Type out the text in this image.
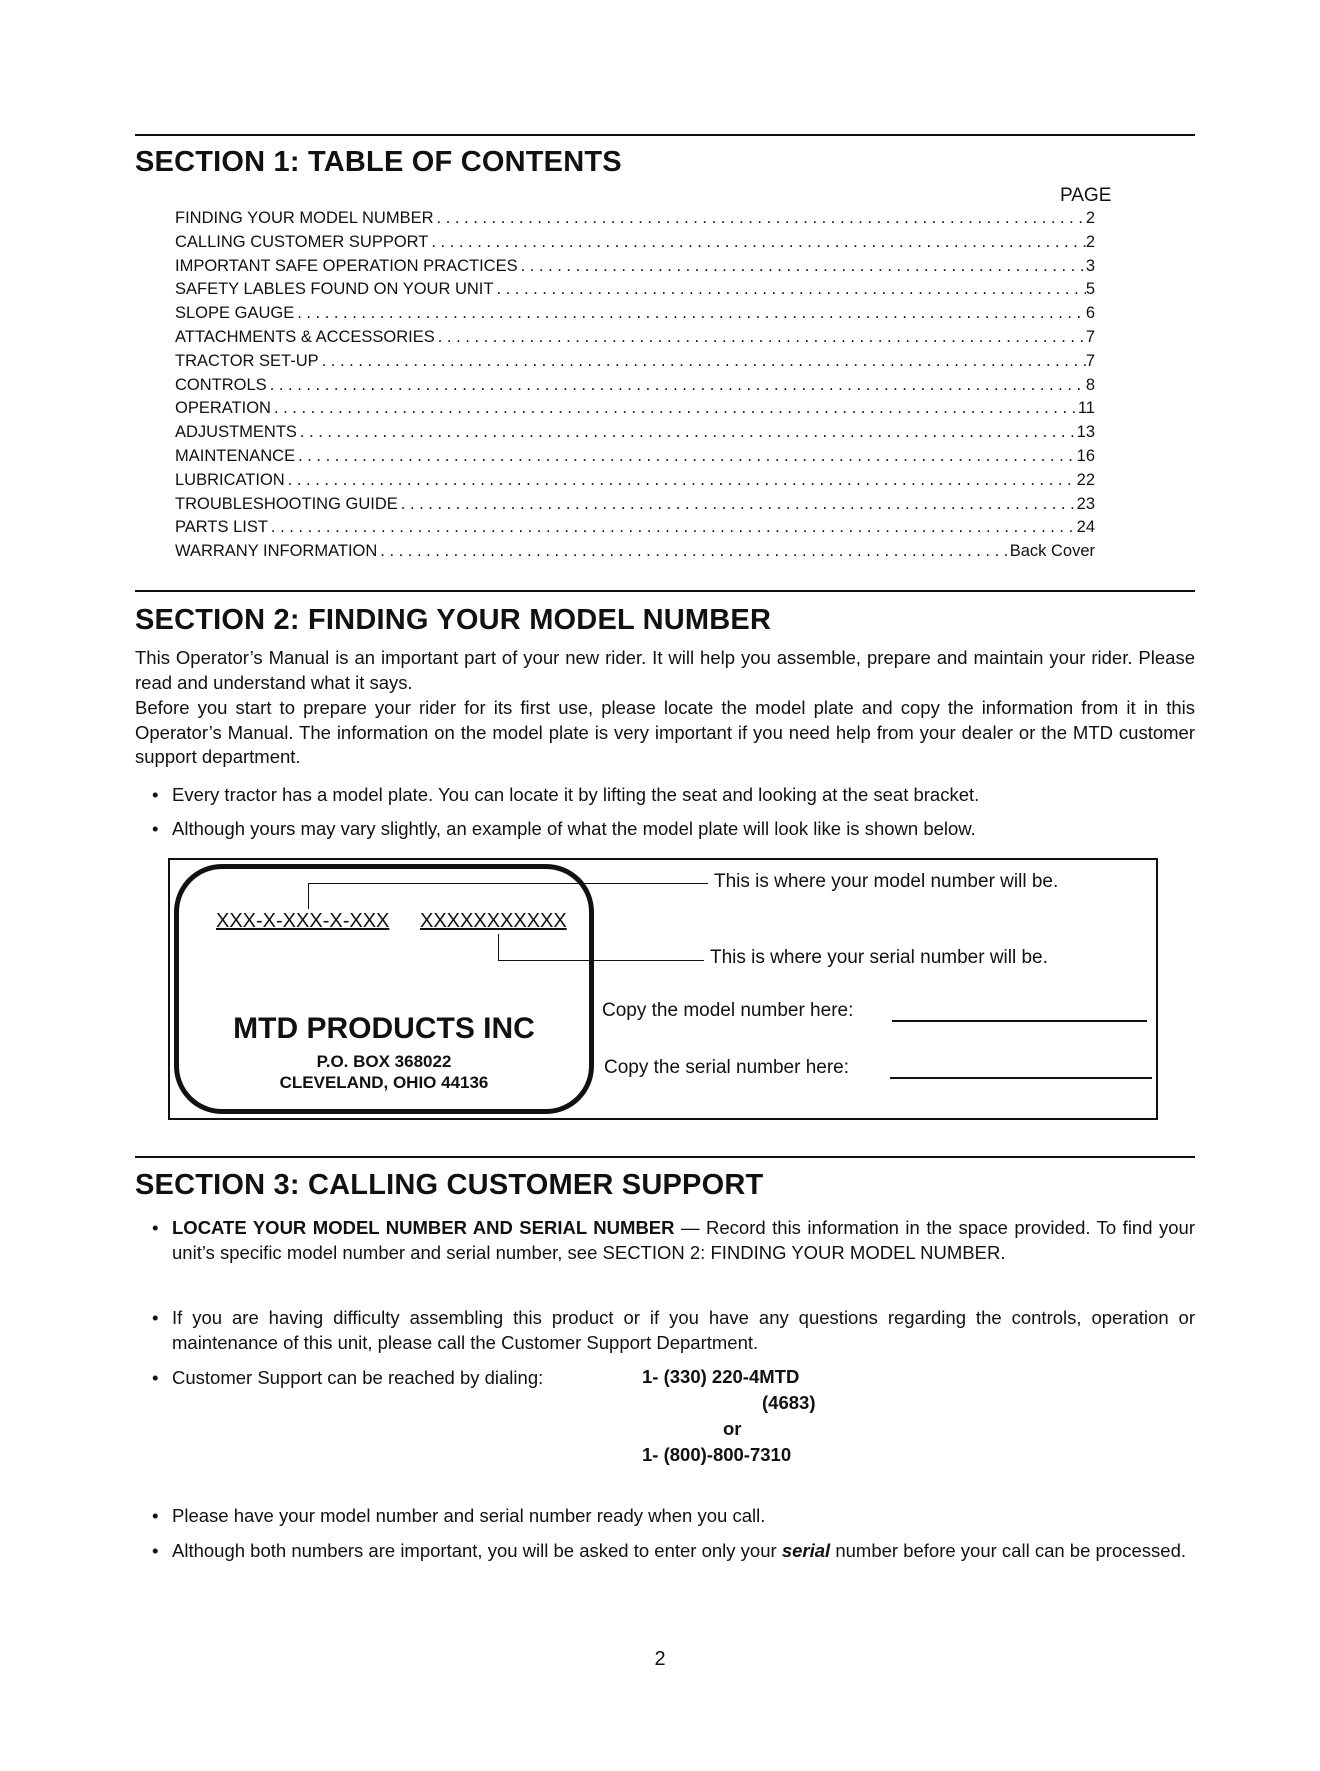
SECTION 1: TABLE OF CONTENTS
PAGE
FINDING YOUR MODEL NUMBER . . .	2
CALLING CUSTOMER SUPPORT . . .	2
IMPORTANT SAFE OPERATION PRACTICES . . .	3
SAFETY LABLES FOUND ON YOUR UNIT . . .	5
SLOPE GAUGE . . .	6
ATTACHMENTS & ACCESSORIES . . .	7
TRACTOR SET-UP . . .	7
CONTROLS . . .	8
OPERATION . . .	11
ADJUSTMENTS . . .	13
MAINTENANCE . . .	16
LUBRICATION . . .	22
TROUBLESHOOTING GUIDE . . .	23
PARTS LIST . . .	24
WARRANY INFORMATION . . .	Back Cover
SECTION 2: FINDING YOUR MODEL NUMBER

This Operator’s Manual is an important part of your new rider. It will help you assemble, prepare and maintain your rider. Please read and understand what it says.

Before you start to prepare your rider for its first use, please locate the model plate and copy the information from it in this Operator’s Manual. The information on the model plate is very important if you need help from your dealer or the MTD customer support department.

• Every tractor has a model plate. You can locate it by lifting the seat and looking at the seat bracket.
• Although yours may vary slightly, an example of what the model plate will look like is shown below.
XXX-X-XXX-X-XXX XXXXXXXXXXX
MTD PRODUCTS INC
P.O. BOX 368022
CLEVELAND, OHIO 44136
This is where your model number will be.
This is where your serial number will be.
Copy the model number here:
Copy the serial number here:
SECTION 3: CALLING CUSTOMER SUPPORT
• LOCATE YOUR MODEL NUMBER AND SERIAL NUMBER — Record this information in the space provided. To find your unit’s specific model number and serial number, see SECTION 2: FINDING YOUR MODEL NUMBER.
• If you are having difficulty assembling this product or if you have any questions regarding the controls, operation or maintenance of this unit, please call the Customer Support Department.
• Customer Support can be reached by dialing:	1- (330) 220-4MTD
(4683)
or
1- (800)-800-7310
• Please have your model number and serial number ready when you call.
• Although both numbers are important, you will be asked to enter only your serial number before your call can be processed.
2
